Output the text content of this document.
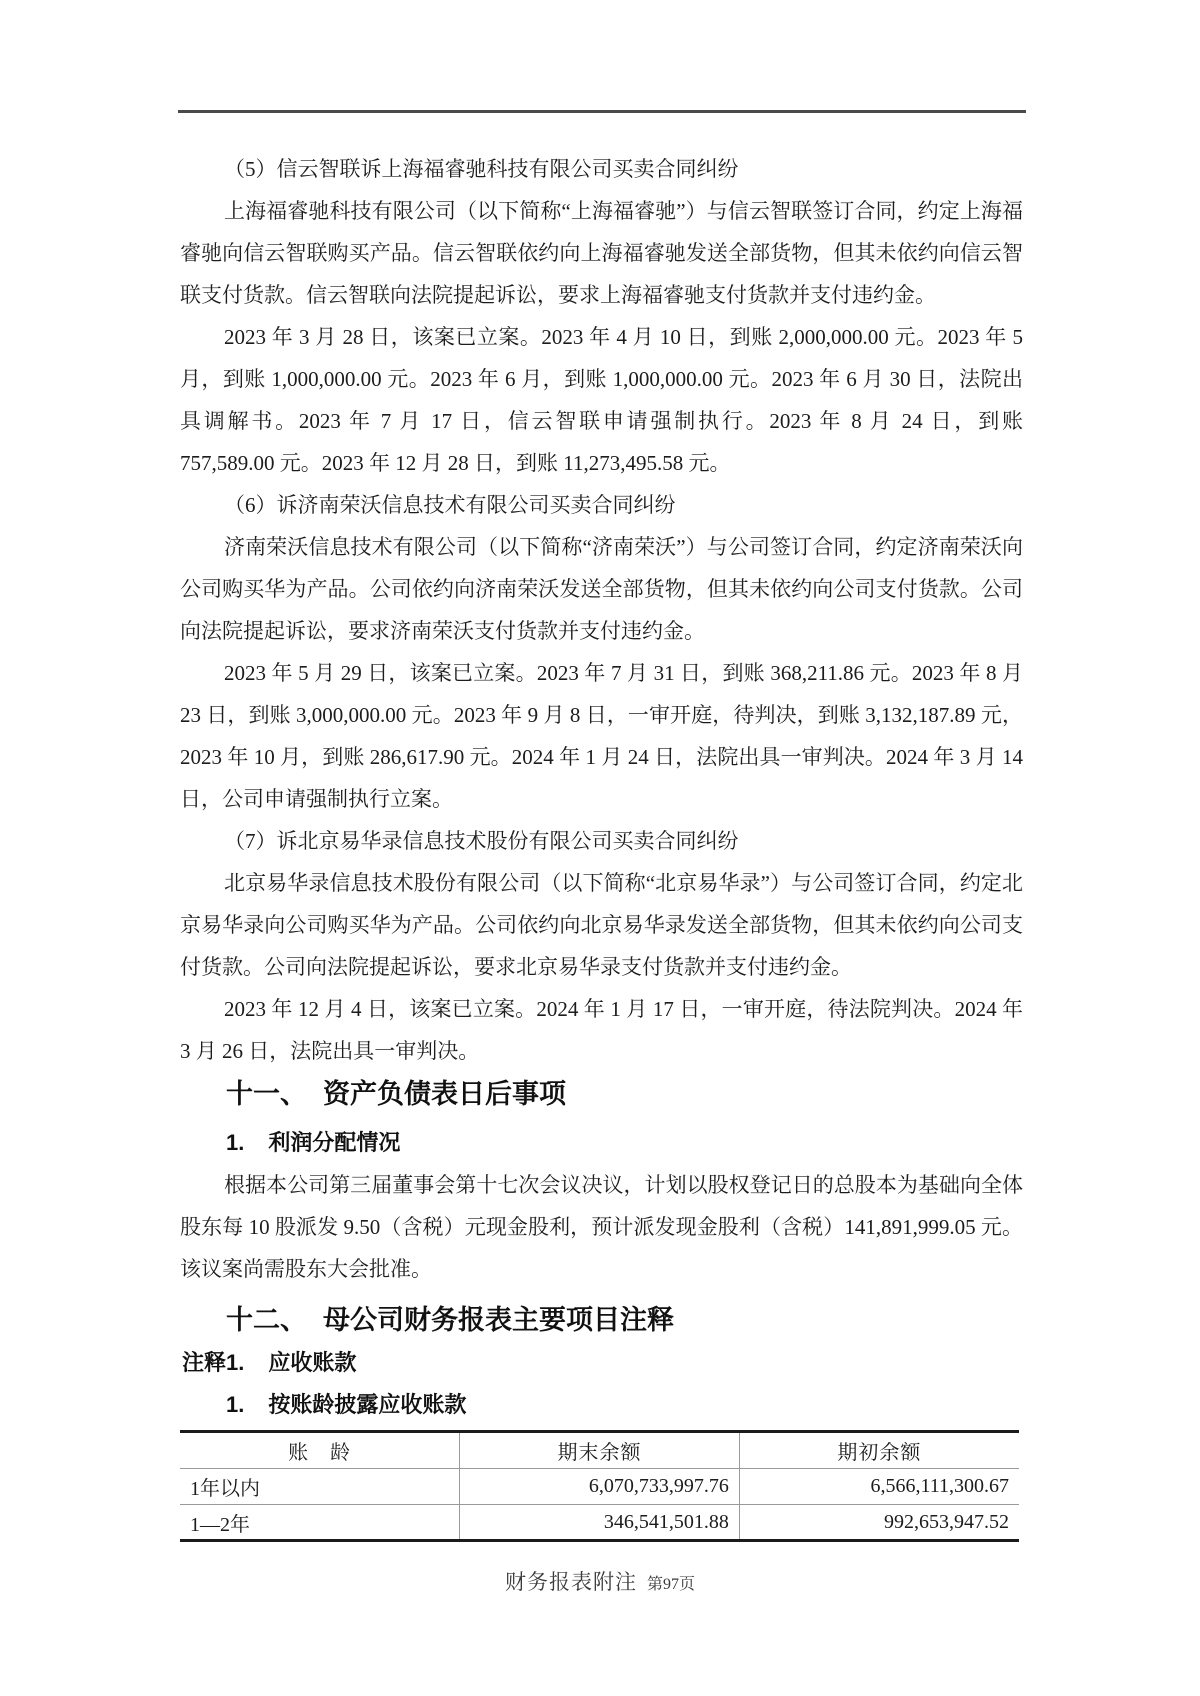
（5）信云智联诉上海福睿驰科技有限公司买卖合同纠纷

上海福睿驰科技有限公司（以下简称“上海福睿驰”）与信云智联签订合同，约定上海福睿驰向信云智联购买产品。信云智联依约向上海福睿驰发送全部货物，但其未依约向信云智联支付货款。信云智联向法院提起诉讼，要求上海福睿驰支付货款并支付违约金。

2023 年 3 月 28 日，该案已立案。2023 年 4 月 10 日，到账 2,000,000.00 元。2023 年 5 月，到账 1,000,000.00 元。2023 年 6 月，到账 1,000,000.00 元。2023 年 6 月 30 日，法院出具调解书。2023 年 7 月 17 日，信云智联申请强制执行。2023 年 8 月 24 日，到账 757,589.00 元。2023 年 12 月 28 日，到账 11,273,495.58 元。

（6）诉济南荣沃信息技术有限公司买卖合同纠纷

济南荣沃信息技术有限公司（以下简称“济南荣沃”）与公司签订合同，约定济南荣沃向公司购买华为产品。公司依约向济南荣沃发送全部货物，但其未依约向公司支付货款。公司向法院提起诉讼，要求济南荣沃支付货款并支付违约金。

2023 年 5 月 29 日，该案已立案。2023 年 7 月 31 日，到账 368,211.86 元。2023 年 8 月 23 日，到账 3,000,000.00 元。2023 年 9 月 8 日，一审开庭，待判决，到账 3,132,187.89 元，2023 年 10 月，到账 286,617.90 元。2024 年 1 月 24 日，法院出具一审判决。2024 年 3 月 14 日，公司申请强制执行立案。

（7）诉北京易华录信息技术股份有限公司买卖合同纠纷

北京易华录信息技术股份有限公司（以下简称“北京易华录”）与公司签订合同，约定北京易华录向公司购买华为产品。公司依约向北京易华录发送全部货物，但其未依约向公司支付货款。公司向法院提起诉讼，要求北京易华录支付货款并支付违约金。

2023 年 12 月 4 日，该案已立案。2024 年 1 月 17 日，一审开庭，待法院判决。2024 年 3 月 26 日，法院出具一审判决。

十一、 资产负债表日后事项
1. 利润分配情况

根据本公司第三届董事会第十七次会议决议，计划以股权登记日的总股本为基础向全体股东每 10 股派发 9.50（含税）元现金股利，预计派发现金股利（含税）141,891,999.05 元。该议案尚需股东大会批准。

十二、 母公司财务报表主要项目注释
注释1. 应收账款
1. 按账龄披露应收账款
账　龄	期末余额	期初余额
1年以内	6,070,733,997.76	6,566,111,300.67
1—2年	346,541,501.88	992,653,947.52
财务报表附注 第97页
